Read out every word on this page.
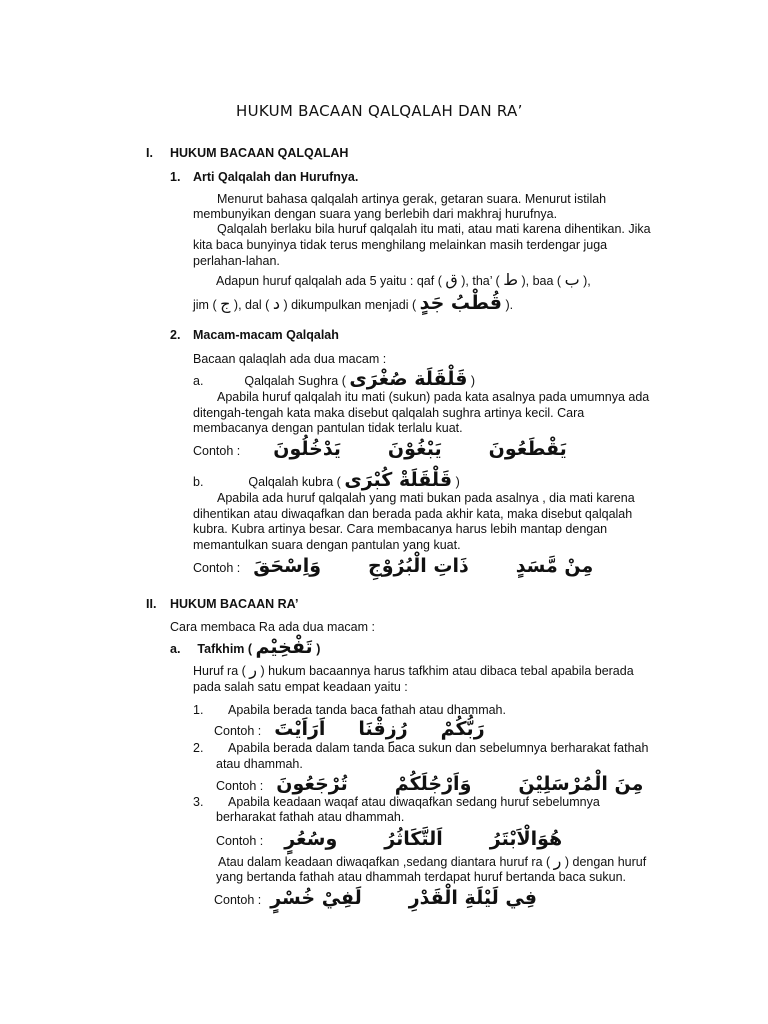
HUKUM BACAAN QALQALAH DAN RA’
I. HUKUM BACAAN QALQALAH
1. Arti Qalqalah dan Hurufnya.
Menurut bahasa qalqalah artinya gerak, getaran suara. Menurut istilah
membunyikan dengan suara yang berlebih dari makhraj hurufnya.
Qalqalah berlaku bila huruf qalqalah itu mati, atau mati karena dihentikan. Jika
kita baca bunyinya tidak terus menghilang melainkan masih terdengar juga
perlahan-lahan.
Adapun huruf qalqalah ada 5 yaitu : qaf ( ق ), tha’ ( ط ), baa ( ب ),
jim ( ج ), dal ( د ) dikumpulkan menjadi ( قُطْبُ جَدٍ ).
2. Macam-macam Qalqalah
Bacaan qalaqlah ada dua macam :
a.	Qalqalah Sughra ( قَلْقَلَة صُغْرَى )
Apabila huruf qalqalah itu mati (sukun) pada kata asalnya pada umumnya ada
ditengah-tengah kata maka disebut qalqalah sughra artinya kecil. Cara
membacanya dengan pantulan tidak terlalu kuat.
Contoh : يَدْخُلُونَ يَبْغُوْنَ يَقْطَعُونَ
b.	Qalqalah kubra ( قَلْقَلَةْ كُبْرَى )
Apabila ada huruf qalqalah yang mati bukan pada asalnya , dia mati karena
dihentikan atau diwaqafkan dan berada pada akhir kata, maka disebut qalqalah
kubra. Kubra artinya besar. Cara membacanya harus lebih mantap dengan
memantulkan suara dengan pantulan yang kuat.
Contoh : وَاِسْحَقَ ذَاتِ الْبُرُوْجِ مِنْ مَّسَدٍ
II. HUKUM BACAAN RA’
Cara membaca Ra ada dua macam :
a. Tafkhim ( تَفْخِيْم )
Huruf ra ( ر ) hukum bacaannya harus tafkhim atau dibaca tebal apabila berada
pada salah satu empat keadaan yaitu :
1. Apabila berada tanda baca fathah atau dhammah.
Contoh : اَرَاَيْتَ رُزِقْنَا رَبُّكُمْ
2. Apabila berada dalam tanda baca sukun dan sebelumnya berharakat fathah
atau dhammah.
Contoh : تُرْجَعُونَ وَاَرْجُلَكُمْ مِنَ الْمُرْسَلِيْنَ
3. Apabila keadaan waqaf atau diwaqafkan sedang huruf sebelumnya
berharakat fathah atau dhammah.
Contoh : وسُعُرٍ اَلتَّكَاثُرُ هُوَالْاَبْتَرُ
Atau dalam keadaan diwaqafkan ,sedang diantara huruf ra ( ر ) dengan huruf
yang bertanda fathah atau dhammah terdapat huruf bertanda baca sukun.
Contoh : لَفِيْ خُسْرٍ فِي لَيْلَةِ الْقَدْرِ
